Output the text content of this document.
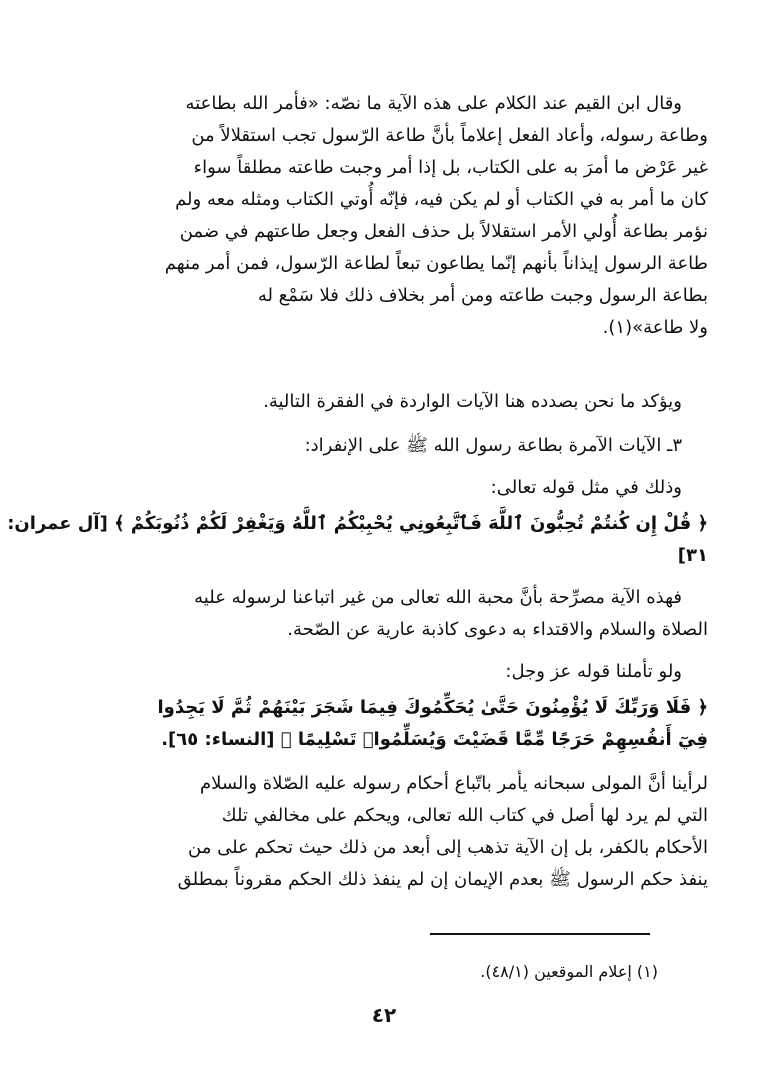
وقال ابن القيم عند الكلام على هذه الآية ما نصّه: «فأمر الله بطاعته
وطاعة رسوله، وأعاد الفعل إعلاماً بأنَّ طاعة الرّسول تجب استقلالاً من
غير عَرْض ما أمرَ به على الكتاب، بل إذا أمر وجبت طاعته مطلقاً سواء
كان ما أمر به في الكتاب أو لم يكن فيه، فإنّه أُوتي الكتاب ومثله معه ولم
نؤمر بطاعة أُولي الأمر استقلالاً بل حذف الفعل وجعل طاعتهم في ضمن
طاعة الرسول إيذاناً بأنهم إنّما يطاعون تبعاً لطاعة الرّسول، فمن أمر منهم
بطاعة الرسول وجبت طاعته ومن أمر بخلاف ذلك فلا سَمْع له
ولا طاعة»(١).
ويؤكد ما نحن بصدده هنا الآيات الواردة في الفقرة التالية.
٣ـ الآيات الآمرة بطاعة رسول الله ﷺ على الإنفراد:
وذلك في مثل قوله تعالى:
﴿ قُلْ إِن كُنتُمْ تُحِبُّونَ ٱللَّهَ فَٱتَّبِعُونِي يُحْبِبْكُمُ ٱللَّهُ وَيَغْفِرْ لَكُمْ ذُنُوبَكُمْ ﴾ [آل عمران:
٣١]
فهذه الآية مصرِّحة بأنَّ محبة الله تعالى من غير اتباعنا لرسوله عليه
الصلاة والسلام والاقتداء به دعوى كاذبة عارية عن الصّحة.
ولو تأملنا قوله عز وجل:
﴿ فَلَا وَرَبِّكَ لَا يُؤْمِنُونَ حَتَّىٰ يُحَكِّمُوكَ فِيمَا شَجَرَ بَيْنَهُمْ ثُمَّ لَا يَجِدُوا
فِيٓ أَنفُسِهِمْ حَرَجًا مِّمَّا قَضَيْتَ وَيُسَلِّمُوا۟ تَسْلِيمًا ﴾ [النساء: ٦٥].
لرأينا أنَّ المولى سبحانه يأمر باتّباع أحكام رسوله عليه الصّلاة والسلام
التي لم يرد لها أصل في كتاب الله تعالى، ويحكم على مخالفي تلك
الأحكام بالكفر، بل إن الآية تذهب إلى أبعد من ذلك حيث تحكم على من
ينفذ حكم الرسول ﷺ بعدم الإيمان إن لم ينفذ ذلك الحكم مقروناً بمطلق
(١) إعلام الموقعين (٤٨/١).
٤٢
